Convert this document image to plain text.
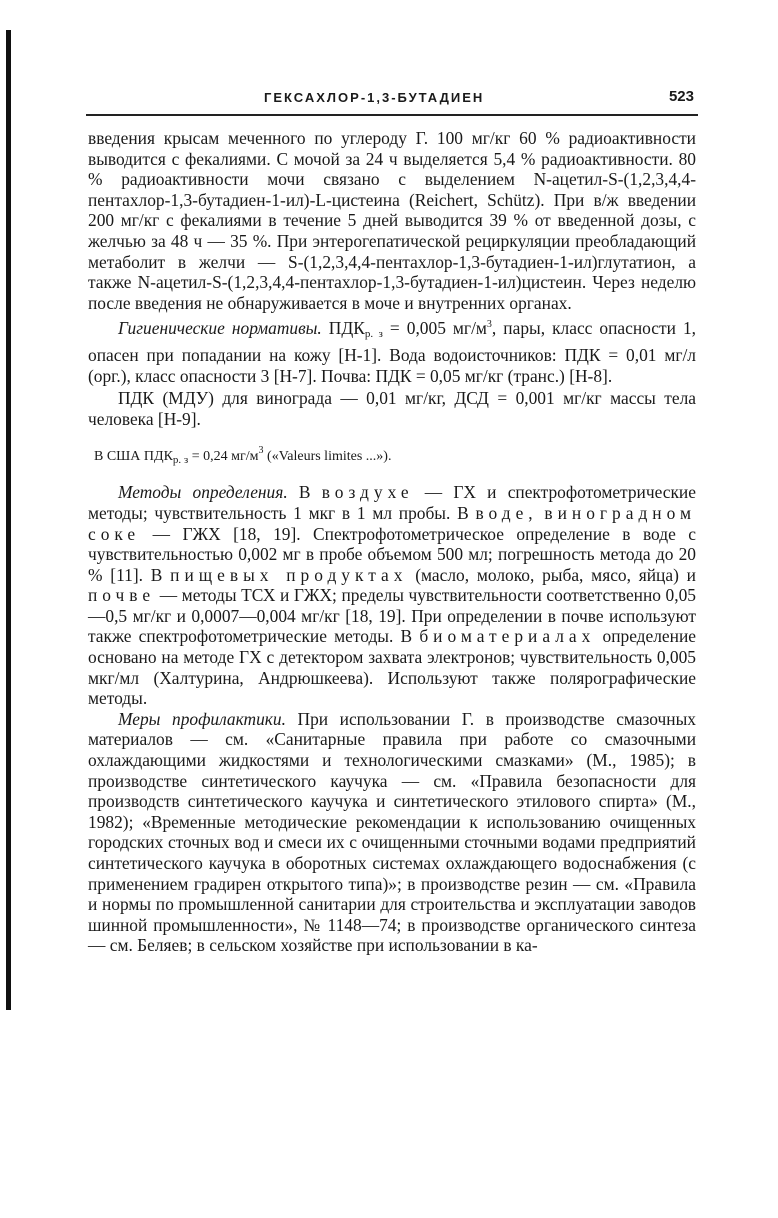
ГЕКСАХЛОР-1,3-БУТАДИЕН	523

введения крысам меченного по углероду Г. 100 мг/кг 60 % радиоактивности выводится с фекалиями. С мочой за 24 ч выделяется 5,4 % радиоактивности. 80 % радиоактивности мочи связано с выделением N-ацетил-S-(1,2,3,4,4-пентахлор-1,3-бутадиен-1-ил)-L-цистеина (Reichert, Schütz). При в/ж введении 200 мг/кг с фекалиями в течение 5 дней выводится 39 % от введенной дозы, с желчью за 48 ч — 35 %. При энтерогепатической рециркуляции преобладающий метаболит в желчи — S-(1,2,3,4,4-пентахлор-1,3-бутадиен-1-ил)глутатион, а также N-ацетил-S-(1,2,3,4,4-пентахлор-1,3-бутадиен-1-ил)цистеин. Через неделю после введения не обнаруживается в моче и внутренних органах.

Гигиенические нормативы. $ПДК_{р. з} = 0,005$ $мг/м^3$, пары, класс опасности 1, опасен при попадании на кожу [Н-1]. Вода водоисточников: ПДК = 0,01 мг/л (орг.), класс опасности 3 [Н-7]. Почва: ПДК = 0,05 мг/кг (транс.) [Н-8].

ПДК (МДУ) для винограда — 0,01 мг/кг, ДСД = 0,001 мг/кг массы тела человека [Н-9].

В США $ПДК_{р. з} = 0,24$ $мг/м^3$ («Valeurs limites ...»).

Методы определения. В воздухе — ГХ и спектрофотометрические методы; чувствительность 1 мкг в 1 мл пробы. В воде, виноградном соке — ГЖХ [18, 19]. Спектрофотометрическое определение в воде с чувствительностью 0,002 мг в пробе объемом 500 мл; погрешность метода до 20 % [11]. В пищевых продуктах (масло, молоко, рыба, мясо, яйца) и почве — методы ТСХ и ГЖХ; пределы чувствительности соответственно 0,05—0,5 мг/кг и 0,0007—0,004 мг/кг [18, 19]. При определении в почве используют также спектрофотометрические методы. В биоматериалах определение основано на методе ГХ с детектором захвата электронов; чувствительность 0,005 мкг/мл (Халтурина, Андрюшкеева). Используют также полярографические методы.

Меры профилактики. При использовании Г. в производстве смазочных материалов — см. «Санитарные правила при работе со смазочными охлаждающими жидкостями и технологическими смазками» (М., 1985); в производстве синтетического каучука — см. «Правила безопасности для производств синтетического каучука и синтетического этилового спирта» (М., 1982); «Временные методические рекомендации к использованию очищенных городских сточных вод и смеси их с очищенными сточными водами предприятий синтетического каучука в оборотных системах охлаждающего водоснабжения (с применением градирен открытого типа)»; в производстве резин — см. «Правила и нормы по промышленной санитарии для строительства и эксплуатации заводов шинной промышленности», № 1148—74; в производстве органического синтеза — см. Беляев; в сельском хозяйстве при использовании в ка-
